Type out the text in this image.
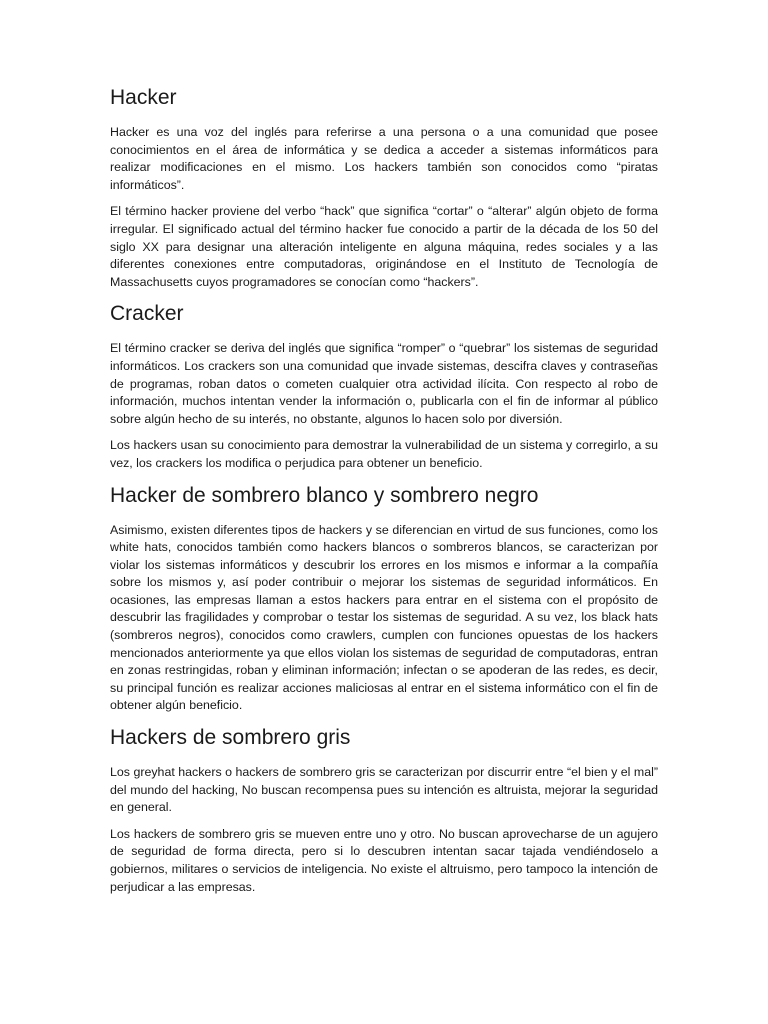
Hacker

Hacker es una voz del inglés para referirse a una persona o a una comunidad que posee conocimientos en el área de informática y se dedica a acceder a sistemas informáticos para realizar modificaciones en el mismo. Los hackers también son conocidos como “piratas informáticos”.

El término hacker proviene del verbo “hack” que significa “cortar” o “alterar” algún objeto de forma irregular. El significado actual del término hacker fue conocido a partir de la década de los 50 del siglo XX para designar una alteración inteligente en alguna máquina, redes sociales y a las diferentes conexiones entre computadoras, originándose en el Instituto de Tecnología de Massachusetts cuyos programadores se conocían como “hackers”.

Cracker

El término cracker se deriva del inglés que significa “romper” o “quebrar” los sistemas de seguridad informáticos. Los crackers son una comunidad que invade sistemas, descifra claves y contraseñas de programas, roban datos o cometen cualquier otra actividad ilícita. Con respecto al robo de información, muchos intentan vender la información o, publicarla con el fin de informar al público sobre algún hecho de su interés, no obstante, algunos lo hacen solo por diversión.

Los hackers usan su conocimiento para demostrar la vulnerabilidad de un sistema y corregirlo, a su vez, los crackers los modifica o perjudica para obtener un beneficio.

Hacker de sombrero blanco y sombrero negro

Asimismo, existen diferentes tipos de hackers y se diferencian en virtud de sus funciones, como los white hats, conocidos también como hackers blancos o sombreros blancos, se caracterizan por violar los sistemas informáticos y descubrir los errores en los mismos e informar a la compañía sobre los mismos y, así poder contribuir o mejorar los sistemas de seguridad informáticos. En ocasiones, las empresas llaman a estos hackers para entrar en el sistema con el propósito de descubrir las fragilidades y comprobar o testar los sistemas de seguridad. A su vez, los black hats (sombreros negros), conocidos como crawlers, cumplen con funciones opuestas de los hackers mencionados anteriormente ya que ellos violan los sistemas de seguridad de computadoras, entran en zonas restringidas, roban y eliminan información; infectan o se apoderan de las redes, es decir, su principal función es realizar acciones maliciosas al entrar en el sistema informático con el fin de obtener algún beneficio.

Hackers de sombrero gris

Los greyhat hackers o hackers de sombrero gris se caracterizan por discurrir entre “el bien y el mal” del mundo del hacking, No buscan recompensa pues su intención es altruista, mejorar la seguridad en general.

Los hackers de sombrero gris se mueven entre uno y otro. No buscan aprovecharse de un agujero de seguridad de forma directa, pero si lo descubren intentan sacar tajada vendiéndoselo a gobiernos, militares o servicios de inteligencia. No existe el altruismo, pero tampoco la intención de perjudicar a las empresas.
